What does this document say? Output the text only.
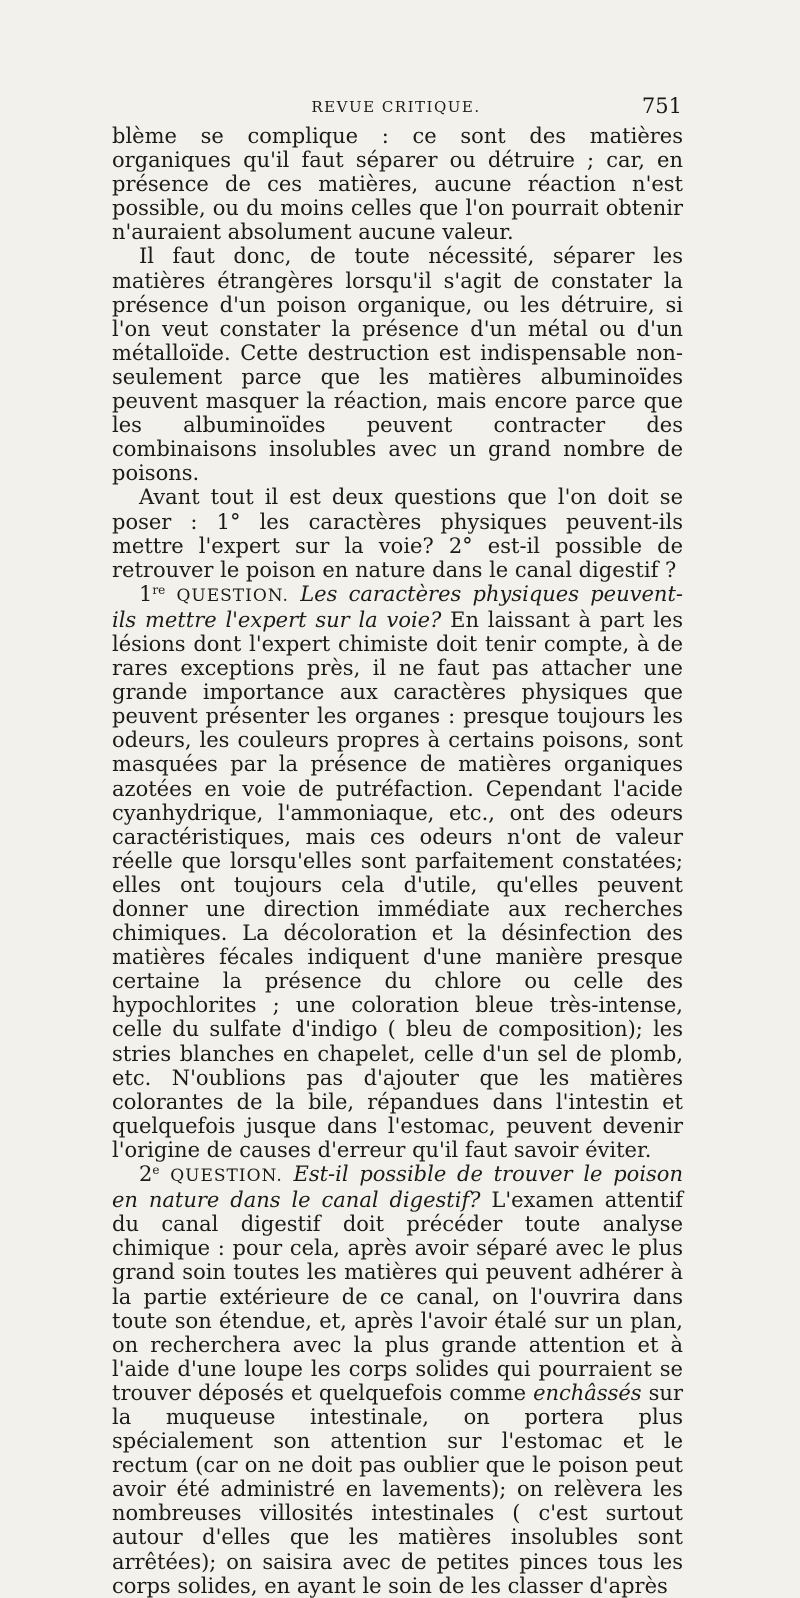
REVUE CRITIQUE.	751

blème se complique : ce sont des matières organiques qu'il faut séparer ou détruire ; car, en présence de ces matières, aucune réaction n'est possible, ou du moins celles que l'on pourrait obtenir n'auraient absolument aucune valeur.

Il faut donc, de toute nécessité, séparer les matières étrangères lorsqu'il s'agit de constater la présence d'un poison organique, ou les détruire, si l'on veut constater la présence d'un métal ou d'un métalloïde. Cette destruction est indispensable non-seulement parce que les matières albuminoïdes peuvent masquer la réaction, mais encore parce que les albuminoïdes peuvent contracter des combinaisons insolubles avec un grand nombre de poisons.

Avant tout il est deux questions que l'on doit se poser : 1° les caractères physiques peuvent-ils mettre l'expert sur la voie? 2° est-il possible de retrouver le poison en nature dans le canal digestif ?

1re QUESTION. Les caractères physiques peuvent-ils mettre l'expert sur la voie? En laissant à part les lésions dont l'expert chimiste doit tenir compte, à de rares exceptions près, il ne faut pas attacher une grande importance aux caractères physiques que peuvent présenter les organes : presque toujours les odeurs, les couleurs propres à certains poisons, sont masquées par la présence de matières organiques azotées en voie de putréfaction. Cependant l'acide cyanhydrique, l'ammoniaque, etc., ont des odeurs caractéristiques, mais ces odeurs n'ont de valeur réelle que lorsqu'elles sont parfaitement constatées; elles ont toujours cela d'utile, qu'elles peuvent donner une direction immédiate aux recherches chimiques. La décoloration et la désinfection des matières fécales indiquent d'une manière presque certaine la présence du chlore ou celle des hypochlorites ; une coloration bleue très-intense, celle du sulfate d'indigo ( bleu de composition); les stries blanches en chapelet, celle d'un sel de plomb, etc. N'oublions pas d'ajouter que les matières colorantes de la bile, répandues dans l'intestin et quelquefois jusque dans l'estomac, peuvent devenir l'origine de causes d'erreur qu'il faut savoir éviter.

2e QUESTION. Est-il possible de trouver le poison en nature dans le canal digestif? L'examen attentif du canal digestif doit précéder toute analyse chimique : pour cela, après avoir séparé avec le plus grand soin toutes les matières qui peuvent adhérer à la partie extérieure de ce canal, on l'ouvrira dans toute son étendue, et, après l'avoir étalé sur un plan, on recherchera avec la plus grande attention et à l'aide d'une loupe les corps solides qui pourraient se trouver déposés et quelquefois comme enchâssés sur la muqueuse intestinale, on portera plus spécialement son attention sur l'estomac et le rectum (car on ne doit pas oublier que le poison peut avoir été administré en lavements); on relèvera les nombreuses villosités intestinales ( c'est surtout autour d'elles que les matières insolubles sont arrêtées); on saisira avec de petites pinces tous les corps solides, en ayant le soin de les classer d'après
